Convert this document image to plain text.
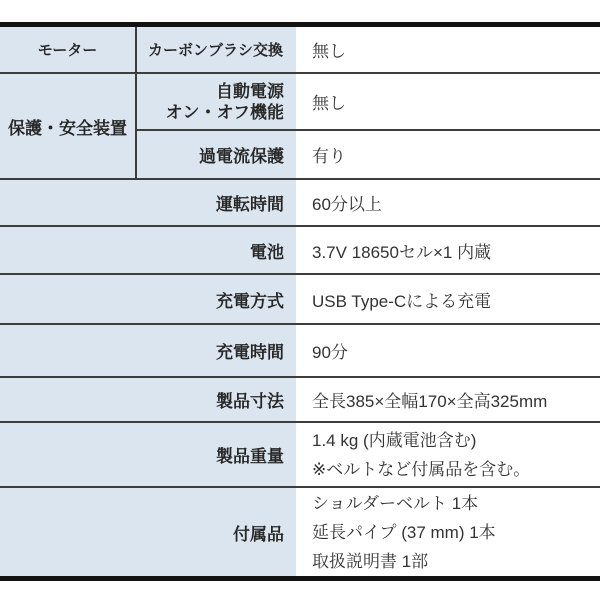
モーター	カーボンブラシ交換 無し
保護・安全装置
自動電源
オン・オフ機能 無し
過電流保護 有り
運転時間 60分以上
電池 3.7V 18650セル×1 内蔵
充電方式 USB Type-Cによる充電
充電時間 90分
製品寸法 全長385×全幅170×全高325mm
製品重量
1.4 kg (内蔵電池含む)
※ベルトなど付属品を含む。
付属品
ショルダーベルト 1本
延長パイプ (37 mm) 1本
取扱説明書 1部
